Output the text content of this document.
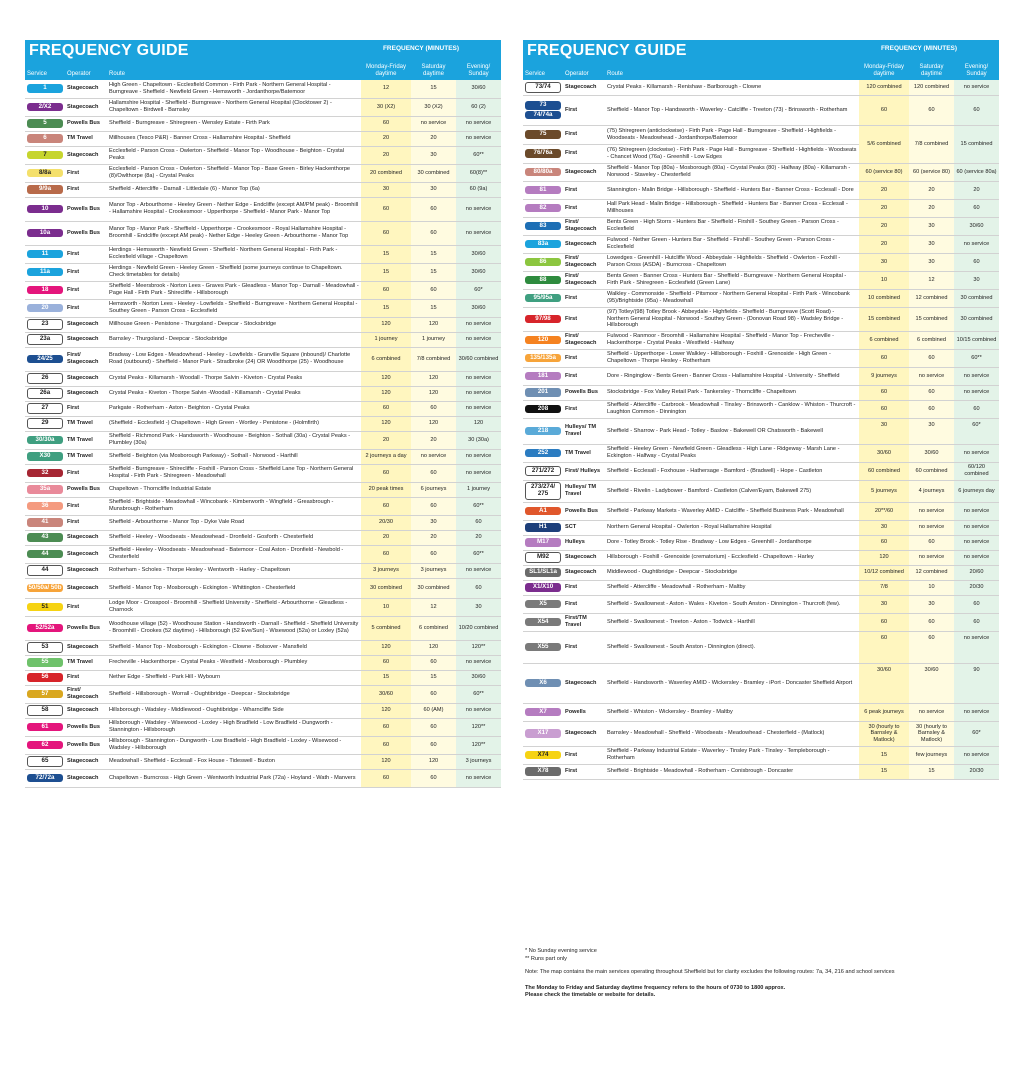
FREQUENCY GUIDE	FREQUENCY (MINUTES)
Service	Operator	Route
Monday-Friday daytime
Saturday daytime
Evening/ Sunday
1	Stagecoach	High Green - Chapeltown - Ecclesfield Common - Firth Park - Northern General Hospital - Burngreave - Sheffield - Newfield Green - Hemsworth - Jordanthorpe/Batemoor	12	15	30/60

2/X2	Stagecoach	Hallamshire Hospital - Sheffield - Burngreave - Northern General Hospital (Clocktower 2) - Chapeltown - Birdwell - Barnsley	30 (X2)	30 (X2)	60 (2)

5	Powells Bus	Sheffield - Burngreave - Shiregreen - Wensley Estate - Firth Park	60	no service	no service

6	TM Travel	Millhouses (Tesco P&R) - Banner Cross - Hallamshire Hospital - Sheffield	20	20	no service

7	Stagecoach	Ecclesfield - Parson Cross - Owlerton - Sheffield - Manor Top - Woodhouse - Beighton - Crystal Peaks	20	30	60**

8/8a	First	Ecclesfield - Parson Cross - Owlerton - Sheffield - Manor Top - Base Green - Birley Hackenthorpe (8)/Owlthorpe (8a) - Crystal Peaks	20 combined	30 combined	60(8)**

9/9a	First	Sheffield - Attercliffe - Darnall - Littledale (6) - Manor Top (6a)	30	30	60 (9a)

10	Powells Bus	Manor Top - Arbourthorne - Heeley Green - Nether Edge - Endcliffe (except AM/PM peak) - Broomhill - Hallamshire Hospital - Crookesmoor - Upperthorpe - Sheffield - Manor Park - Manor Top	60	60	no service

10a	Powells Bus	Manor Top - Manor Park - Sheffield - Upperthorpe - Crookesmoor - Royal Hallamshire Hospital - Broomhill - Endcliffe (except AM peak) - Nether Edge - Heeley Green - Arbourthorne - Manor Top	60	60	no service

11	First	Herdings - Hemsworth - Newfield Green - Sheffield - Northern General Hospital - Firth Park - Ecclesfield village - Chapeltown	15	15	30/60

11a	First	Herdings - Newfield Green - Heeley Green - Sheffield (some journeys continue to Chapeltown. Check timetables for details)	15	15	30/60

18	First	Sheffield - Meersbrook - Norton Lees - Graves Park - Gleadless - Manor Top - Darnall - Meadowhall - Page Hall - Firth Park - Shirecliffe - Hillsborough	60	60	60*

20	First	Hemsworth - Norton Lees - Heeley - Lowfields - Sheffield - Burngreave - Northern General Hospital - Southey Green - Parson Cross - Ecclesfield	15	15	30/60

23	Stagecoach	Millhouse Green - Penistone - Thurgoland - Deepcar - Stocksbridge	120	120	no service

23a	Stagecoach	Barnsley - Thurgoland - Deepcar - Stocksbridge	1 journey	1 journey	no service

24/25	First/ Stagecoach	Bradway - Low Edges - Meadowhead - Heeley - Lowfields - Granville Square (inbound)/ Charlotte Road (outbound) - Sheffield - Manor Park - Stradbroke (24) OR Woodthorpe (25) - Woodhouse	6 combined	7/8 combined	30/60 combined

26	Stagecoach	Crystal Peaks - Killamarsh - Woodall - Thorpe Salvin - Kiveton - Crystal Peaks	120	120	no service

26a	Stagecoach	Crystal Peaks - Kiveton - Thorpe Salvin -Woodall - Killamarsh - Crystal Peaks	120	120	no service

27	First	Parkgate - Rotherham - Aston - Beighton - Crystal Peaks	60	60	no service

29	TM Travel	(Sheffield - Ecclesfield -) Chapeltown - High Green - Wortley - Penistone - (Holmfirth)	120	120	120

30/30a	TM Travel	Sheffield - Richmond Park - Handsworth - Woodhouse - Beighton - Sothall (30a) - Crystal Peaks - Plumbley (30a)	20	20	30 (30a)

X30	TM Travel	Sheffield - Beighton (via Mosborough Parkway) - Sothall - Norwood - Harthill	2 journeys a day	no service	no service

32	First	Sheffield - Burngreave - Shirecliffe - Foxhill - Parson Cross - Sheffield Lane Top - Northern General Hospital - Firth Park - Shiregreen - Meadowhall	60	60	no service

35a	Powells Bus	Chapeltown - Thorncliffe Industrial Estate	20 peak times	6 journeys	1 journey

36	First	Sheffield - Brightside - Meadowhall - Wincobank - Kimberworth - Wingfield - Greasbrough - Munsbrough - Rotherham	60	60	60**

41	First	Sheffield - Arbourthorne - Manor Top - Dyke Vale Road	20/30	30	60

43	Stagecoach	Sheffield - Heeley - Woodseats - Meadowhead - Dronfield - Gosforth - Chesterfield	20	20	20

44	Stagecoach	Sheffield - Heeley - Woodseats - Meadowhead - Batemoor - Coal Aston - Dronfield - Newbold - Chesterfield	60	60	60**

44	Stagecoach	Rotherham - Scholes - Thorpe Hesley - Wentworth - Harley - Chapeltown	3 journeys	3 journeys	no service

50/50a/ 50b	Stagecoach	Sheffield - Manor Top - Mosborough - Eckington - Whittington - Chesterfield	30 combined	30 combined	60

51	First	Lodge Moor - Crosspool - Broomhill - Sheffield University - Sheffield - Arbourthorne - Gleadless - Charnock	10	12	30

52/52a	Powells Bus	Woodhouse village (52) - Woodhouse Station - Handsworth - Darnall - Sheffield - Sheffield University - Broomhill - Crookes (52 daytime) - Hillsborough (52 Eve/Sun) - Wisewood (52a) or Loxley (52a)	5 combined	6 combined	10/20 combined

53	Stagecoach	Sheffield - Manor Top - Mosborough - Eckington - Clowne - Bolsover - Mansfield	120	120	120**

55	TM Travel	Frecheville - Hackenthorpe - Crystal Peaks - Westfield - Mosborough - Plumbley	60	60	no service

56	First	Nether Edge - Sheffield - Park Hill - Wybourn	15	15	30/60

57	First/ Stagecoach	Sheffield - Hillsborough - Worrall - Oughtibridge - Deepcar - Stocksbridge	30/60	60	60**

58	Stagecoach	Hillsborough - Wadsley - Middlewood - Oughtibridge - Wharncliffe Side	120	60 (AM)	no service

61	Powells Bus	Hillsborough - Wadsley - Wisewood - Loxley - High Bradfield - Low Bradfield - Dungworth - Stannington - Hillsborough	60	60	120**

62	Powells Bus	Hillsborough - Stannington - Dungworth - Low Bradfield - High Bradfield - Loxley - Wisewood - Wadsley - Hillsborough	60	60	120**

65	Stagecoach	Meadowhall - Sheffield - Ecclesall - Fox House - Tideswell - Buxton	120	120	3 journeys

72/72a	Stagecoach	Chapeltown - Burncross - High Green - Wentworth Industrial Park (72a) - Hoyland - Wath - Manvers	60	60	no service
FREQUENCY GUIDE	FREQUENCY (MINUTES)
Service	Operator	Route
Monday-Friday daytime
Saturday daytime
Evening/ Sunday
73/74	Stagecoach	Crystal Peaks - Killamarsh - Renishaw - Barlborough - Clowne	120 combined	120 combined	no service

73
74/74a	First	Sheffield - Manor Top - Handsworth - Waverley - Catcliffe - Treeton (73) - Brinsworth - Rotherham	60	60	60

75	First	(75) Shiregreen (anticlockwise) - Firth Park - Page Hall - Burngreave - Sheffield - Highfields - Woodseats - Meadowhead - Jordanthorpe/Batemoor	5/6 combined	7/8 combined	15 combined

76/76a	First	(76) Shiregreen (clockwise) - Firth Park - Page Hall - Burngreave - Sheffield - Highfields - Woodseats - Chancet Wood (76a) - Greenhill - Low Edges			

80/80a	Stagecoach	Sheffield - Manor Top (80a) - Mosborough (80a) - Crystal Peaks (80) - Halfway (80a) - Killamarsh - Norwood - Staveley - Chesterfield	60 (service 80)	60 (service 80)	60 (service 80a)

81	First	Stannington - Malin Bridge - Hillsborough - Sheffield - Hunters Bar - Banner Cross - Ecclesall - Dore	20	20	20

82	First	Hall Park Head - Malin Bridge - Hillsborough - Sheffield - Hunters Bar - Banner Cross - Ecclesall - Millhouses	20	20	60

83	First/ Stagecoach	Bents Green - High Storrs - Hunters Bar - Sheffield - Firshill - Southey Green - Parson Cross - Ecclesfield	20	30	30/60

83a	Stagecoach	Fulwood - Nether Green - Hunters Bar - Sheffield - Firshill - Southey Green - Parson Cross - Ecclesfield	20	30	no service

86	First/ Stagecoach	Lowedges - Greenhill - Hutcliffe Wood - Abbeydale - Highfields - Sheffield - Owlerton - Foxhill - Parson Cross (ASDA) - Burncross - Chapeltown	30	30	60

88	First/ Stagecoach	Bents Green - Banner Cross - Hunters Bar - Sheffield - Burngreave - Northern General Hospital - Firth Park - Shiregreen - Ecclesfield (Green Lane)	10	12	30

95/95a	First	Walkley - Commonside - Sheffield - Pitsmoor - Northern General Hospital - Firth Park - Wincobank (95)/Brightside (95a) - Meadowhall	10 combined	12 combined	30 combined

97/98	First	(97) Totley/(98) Totley Brook - Abbeydale - Highfields - Sheffield - Burngreave (Scott Road) - Northern General Hospital - Norwood - Southey Green - (Donovan Road 98) - Wadsley Bridge - Hillsborough	15 combined	15 combined	30 combined

120	First/ Stagecoach	Fulwood - Ranmoor - Broomhill - Hallamshire Hospital - Sheffield - Manor Top - Frecheville - Hackenthorpe - Crystal Peaks - Westfield - Halfway	6 combined	6 combined	10/15 combined

135/135a	First	Sheffield - Upperthorpe - Lower Walkley - Hillsborough - Foxhill - Grenoside - High Green - Chapeltown - Thorpe Hesley - Rotherham	60	60	60**

181	First	Dore - Ringinglow - Bents Green - Banner Cross - Hallamshire Hospital - University - Sheffield	9 journeys	no service	no service

201	Powells Bus	Stocksbridge - Fox Valley Retail Park - Tankersley - Thorncliffe - Chapeltown	60	60	no service

208	First	Sheffield - Attercliffe - Carbrook - Meadowhall - Tinsley - Brinsworth - Canklow - Whiston - Thurcroft - Laughton Common - Dinnington	60	60	60

218	Hulleys/ TM Travel	Sheffield - Sharrow - Park Head - Totley - Baslow - Bakewell OR Chatsworth - Bakewell	30	30	60*

252	TM Travel	Sheffield - Heeley Green - Newfield Green - Gleadless - High Lane - Ridgeway - Marsh Lane - Eckington - Halfway - Crystal Peaks	30/60	30/60	no service

271/272	First/ Hulleys	Sheffield - Ecclesall - Foxhouse - Hathersage - Bamford - (Bradwell) - Hope - Castleton	60 combined	60 combined	60/120 combined

273/274/ 275	Hulleys/ TM Travel	Sheffield - Rivelin - Ladybower - Bamford - Castleton (Calver/Eyam, Bakewell 275)	5 journeys	4 journeys	6 journeys day

A1	Powells Bus	Sheffield - Parkway Markets - Waverley AMID - Catcliffe - Sheffield Business Park - Meadowhall	20**/60	no service	no service

H1	SCT	Northern General Hospital - Owlerton - Royal Hallamshire Hospital	30	no service	no service

M17	Hulleys	Dore - Totley Brook - Totley Rise - Bradway - Low Edges - Greenhill - Jordanthorpe	60	60	no service

M92	Stagecoach	Hillsborough - Foxhill - Grenoside (crematorium) - Ecclesfield - Chapeltown - Harley	120	no service	no service

SL1/SL1a	Stagecoach	Middlewood - Oughtibridge - Deepcar - Stocksbridge	10/12 combined	12 combined	20/60

X1/X10	First	Sheffield - Attercliffe - Meadowhall - Rotherham - Maltby	7/8	10	20/30

X5	First	Sheffield - Swallownest - Aston - Wales - Kiveton - South Anston - Dinnington - Thurcroft (few).	30	30	60

X54	First/TM Travel	Sheffield - Swallownest - Treeton - Aston - Todwick - Harthill	60	60	60

X55	First	Sheffield - Swallownest - South Anston - Dinnington (direct).	60	60	no service

X6	Stagecoach	Sheffield - Handsworth - Waverley AMID - Wickersley - Bramley - iPort - Doncaster Sheffield Airport	30/60	30/60	90

X7	Powells	Sheffield - Whiston - Wickersley - Bramley - Maltby	6 peak journeys	no service	no service

X17	Stagecoach	Barnsley - Meadowhall - Sheffield - Woodseats - Meadowhead - Chesterfield - (Matlock)	30 (hourly to Barnsley & Matlock)	30 (hourly to Barnsley & Matlock)	60*

X74	First	Sheffield - Parkway Industrial Estate - Waverley - Tinsley Park - Tinsley - Templeborough - Rotherham	15	few journeys	no service

X78	First	Sheffield - Brightside - Meadowhall - Rotherham - Conisbrough - Doncaster	15	15	20/30
* No Sunday evening service
** Runs part only
Note: The map contains the main services operating throughout Sheffield but for clarity excludes the following routes: 7a, 34, 216 and school services
The Monday to Friday and Saturday daytime frequency refers to the hours of 0730 to 1800 approx.
Please check the timetable or website for details.
